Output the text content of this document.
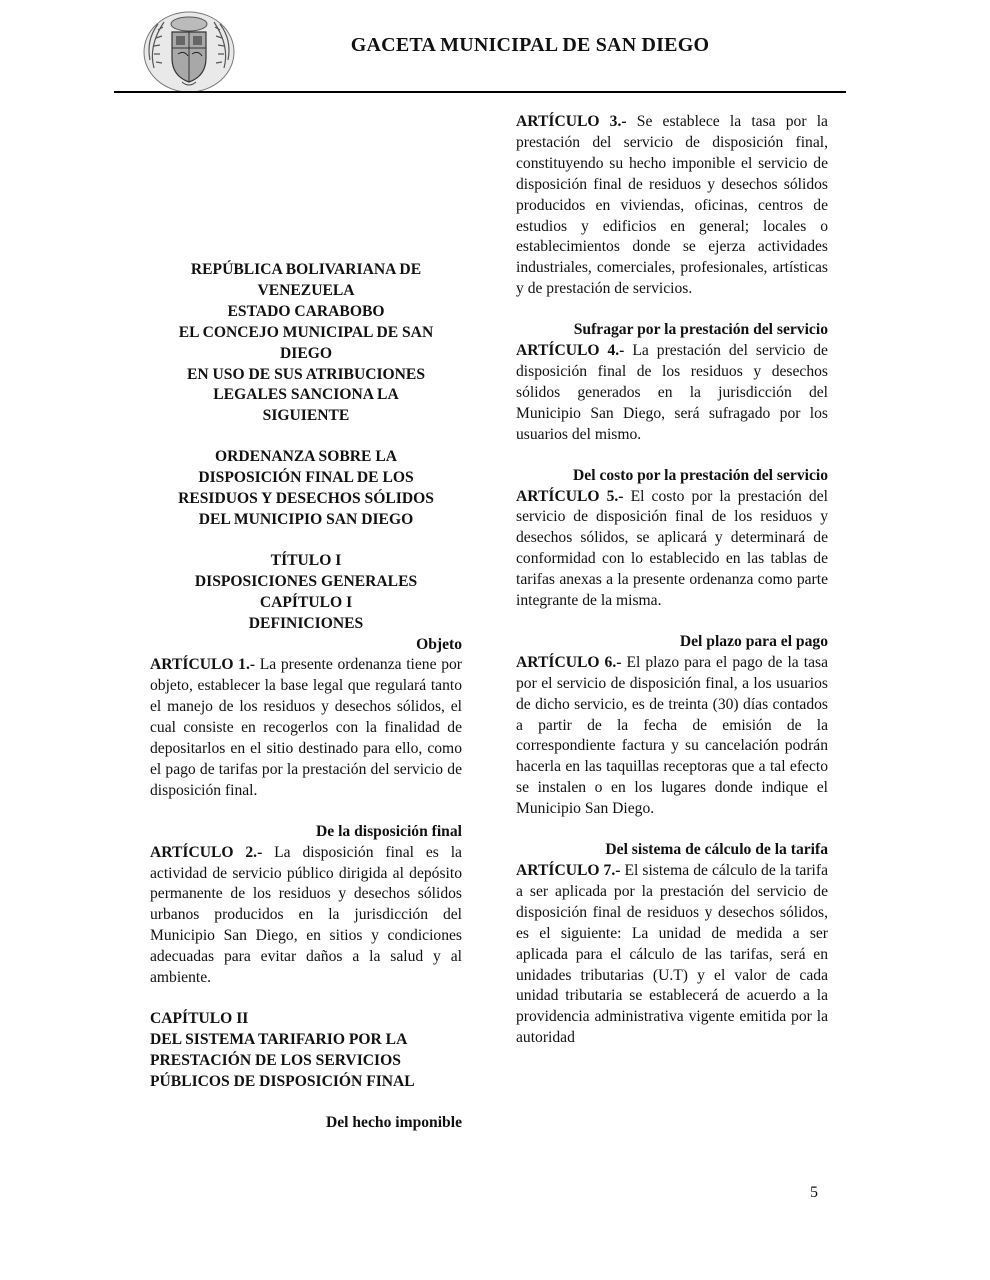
GACETA MUNICIPAL DE SAN DIEGO
REPÚBLICA BOLIVARIANA DE
VENEZUELA
ESTADO CARABOBO
EL CONCEJO MUNICIPAL DE SAN
DIEGO
EN USO DE SUS ATRIBUCIONES
LEGALES SANCIONA LA
SIGUIENTE
ORDENANZA SOBRE LA
DISPOSICIÓN FINAL DE LOS
RESIDUOS Y DESECHOS SÓLIDOS
DEL MUNICIPIO SAN DIEGO
TÍTULO I
DISPOSICIONES GENERALES
CAPÍTULO I
DEFINICIONES
Objeto
ARTÍCULO 1.- La presente ordenanza tiene por objeto, establecer la base legal que regulará tanto el manejo de los residuos y desechos sólidos, el cual consiste en recogerlos con la finalidad de depositarlos en el sitio destinado para ello, como el pago de tarifas por la prestación del servicio de disposición final.
De la disposición final
ARTÍCULO 2.- La disposición final es la actividad de servicio público dirigida al depósito permanente de los residuos y desechos sólidos urbanos producidos en la jurisdicción del Municipio San Diego, en sitios y condiciones adecuadas para evitar daños a la salud y al ambiente.
CAPÍTULO II
DEL SISTEMA TARIFARIO POR LA
PRESTACIÓN DE LOS SERVICIOS
PÚBLICOS DE DISPOSICIÓN FINAL
Del hecho imponible
ARTÍCULO 3.- Se establece la tasa por la prestación del servicio de disposición final, constituyendo su hecho imponible el servicio de disposición final de residuos y desechos sólidos producidos en viviendas, oficinas, centros de estudios y edificios en general; locales o establecimientos donde se ejerza actividades industriales, comerciales, profesionales, artísticas y de prestación de servicios.
Sufragar por la prestación del servicio
ARTÍCULO 4.- La prestación del servicio de disposición final de los residuos y desechos sólidos generados en la jurisdicción del Municipio San Diego, será sufragado por los usuarios del mismo.
Del costo por la prestación del servicio
ARTÍCULO 5.- El costo por la prestación del servicio de disposición final de los residuos y desechos sólidos, se aplicará y determinará de conformidad con lo establecido en las tablas de tarifas anexas a la presente ordenanza como parte integrante de la misma.
Del plazo para el pago
ARTÍCULO 6.- El plazo para el pago de la tasa por el servicio de disposición final, a los usuarios de dicho servicio, es de treinta (30) días contados a partir de la fecha de emisión de la correspondiente factura y su cancelación podrán hacerla en las taquillas receptoras que a tal efecto se instalen o en los lugares donde indique el Municipio San Diego.
Del sistema de cálculo de la tarifa
ARTÍCULO 7.- El sistema de cálculo de la tarifa a ser aplicada por la prestación del servicio de disposición final de residuos y desechos sólidos, es el siguiente: La unidad de medida a ser aplicada para el cálculo de las tarifas, será en unidades tributarias (U.T) y el valor de cada unidad tributaria se establecerá de acuerdo a la providencia administrativa vigente emitida por la autoridad
5
